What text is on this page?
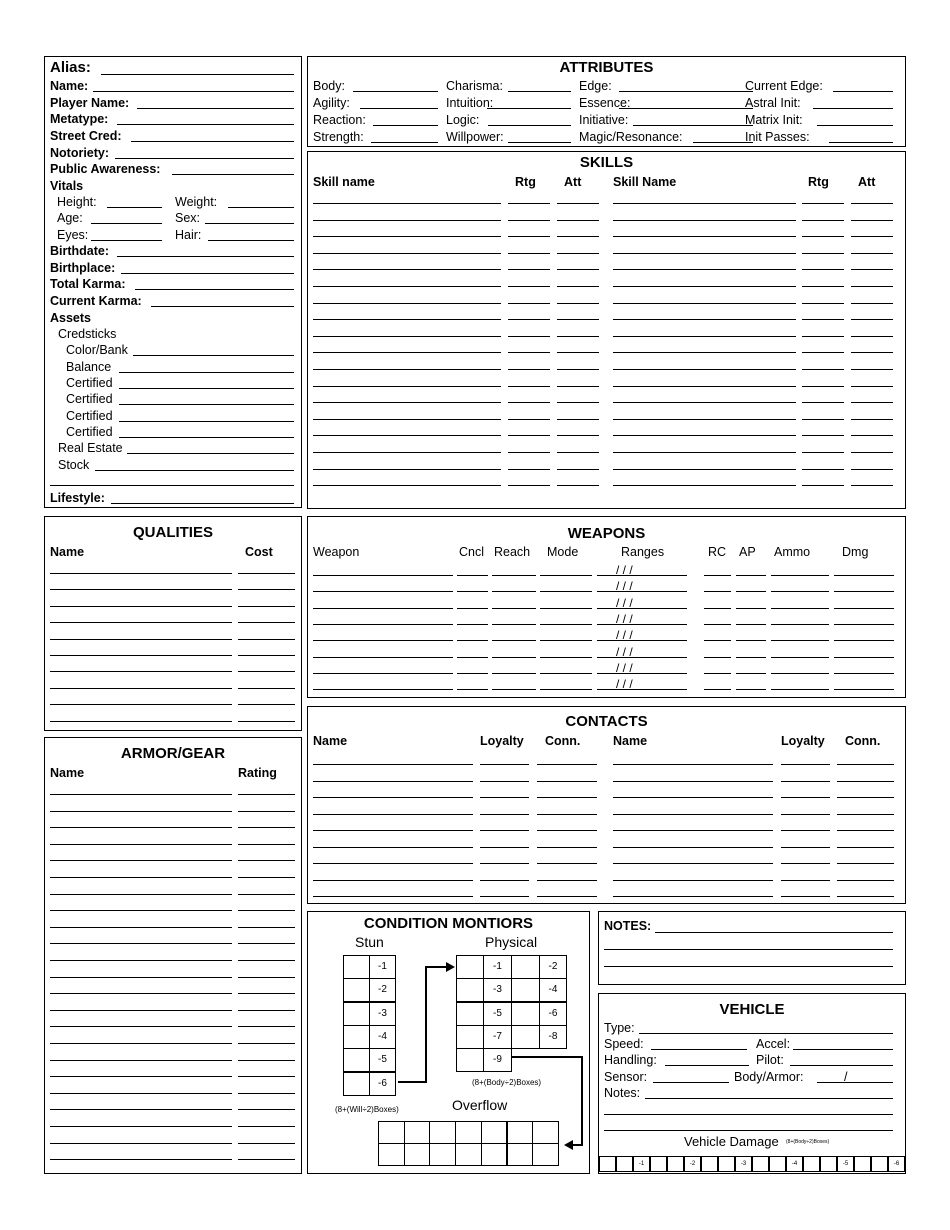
Alias:
Name:
Player Name:
Metatype:
Street Cred:
Notoriety:
Public Awareness:
Vitals
Height:	Weight:
Age:	Sex:
Eyes:	Hair:
Birthdate:
Birthplace:
Total Karma:
Current Karma:
Assets
Credsticks
Color/Bank
Balance
Certified
Certified
Certified
Certified
Real Estate
Stock
Lifestyle:
ATTRIBUTES
Body:	Charisma:	Edge:	Current Edge:
Agility:	Intuition:	Essence:	Astral Init:
Reaction:	Logic:	Initiative:	Matrix Init:
Strength:	Willpower:	Magic/Resonance:	Init Passes:
SKILLS
Skill name	Rtg Att	Skill Name	Rtg Att
QUALITIES
Name	Cost
ARMOR/GEAR
Name	Rating
WEAPONS
Weapon	Cncl Reach Mode	Ranges	RC AP Ammo	Dmg
/ / /
/ / /
/ / /
/ / /
/ / /
/ / /
/ / /
/ / /
CONTACTS
Name	Loyalty Conn.	Name	Loyalty Conn.
CONDITION MONTIORS
Stun	Physical
-1
-2
-3
-4
-5
-6
-1	-2
-3	-4
-5	-6
-7	-8
-9
(8+(Will÷2)Boxes)
(8+(Body÷2)Boxes)
Overflow
NOTES:
VEHICLE
Type:
Speed:	Accel:
Handling:	Pilot:
Sensor:	Body/Armor:	/
Notes:
Vehicle Damage (8+(Body÷2)Boxes)
-1	-2	-3	-4	-5	-6
